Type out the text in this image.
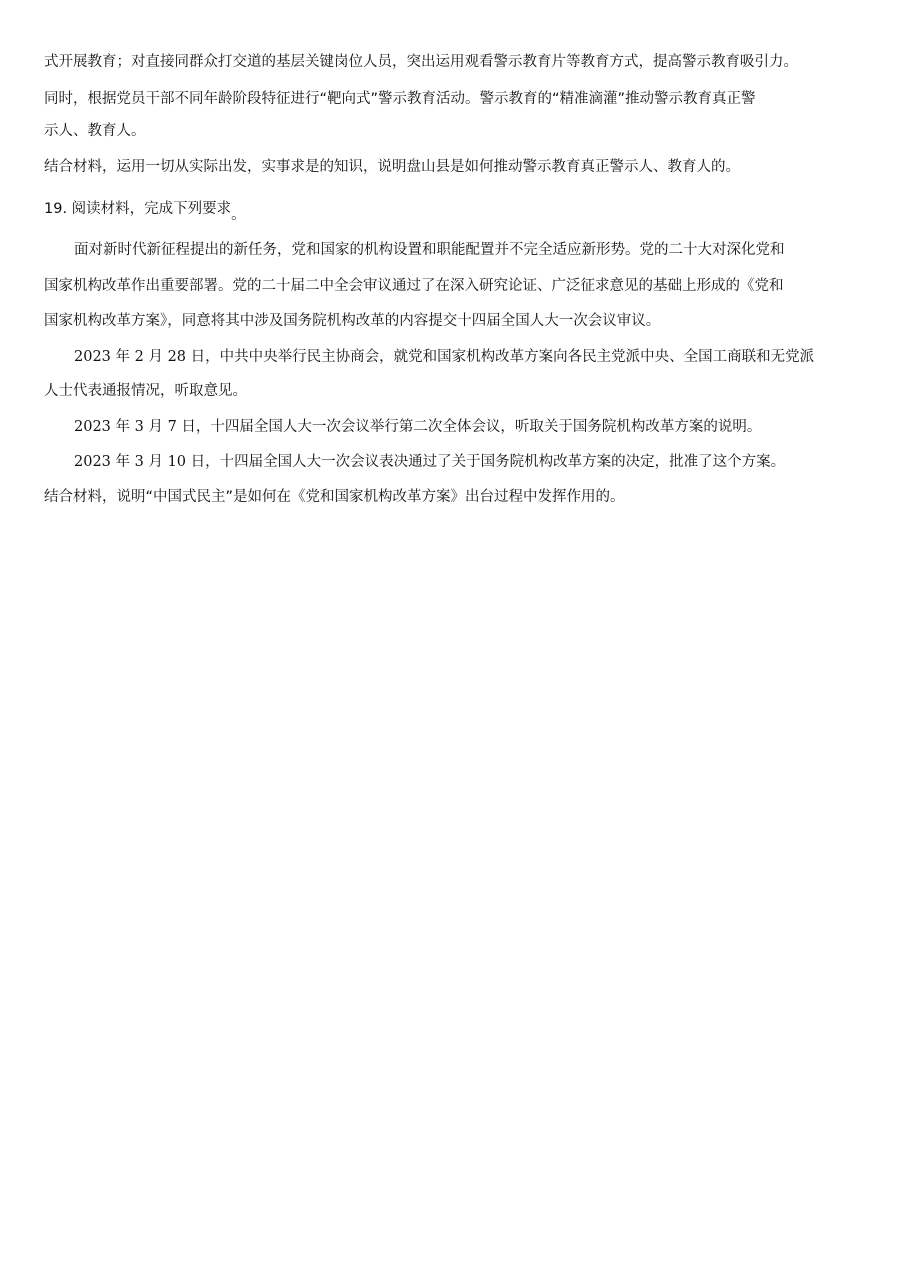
式开展教育；对直接同群众打交道的基层关键岗位人员，突出运用观看警示教育片等教育方式，提高警示教育吸引力。
同时，根据党员干部不同年龄阶段特征进行“靶向式”警示教育活动。警示教育的“精准滴灌”推动警示教育真正警
示人、教育人。
结合材料，运用一切从实际出发，实事求是的知识，说明盘山县是如何推动警示教育真正警示人、教育人的。
19. 阅读材料，完成下列要求。
面对新时代新征程提出的新任务，党和国家的机构设置和职能配置并不完全适应新形势。党的二十大对深化党和
国家机构改革作出重要部署。党的二十届二中全会审议通过了在深入研究论证、广泛征求意见的基础上形成的《党和
国家机构改革方案》，同意将其中涉及国务院机构改革的内容提交十四届全国人大一次会议审议。
2023 年 2 月 28 日，中共中央举行民主协商会，就党和国家机构改革方案向各民主党派中央、全国工商联和无党派
人士代表通报情况，听取意见。
2023 年 3 月 7 日，十四届全国人大一次会议举行第二次全体会议，听取关于国务院机构改革方案的说明。
2023 年 3 月 10 日，十四届全国人大一次会议表决通过了关于国务院机构改革方案的决定，批准了这个方案。
结合材料，说明“中国式民主”是如何在《党和国家机构改革方案》出台过程中发挥作用的。
